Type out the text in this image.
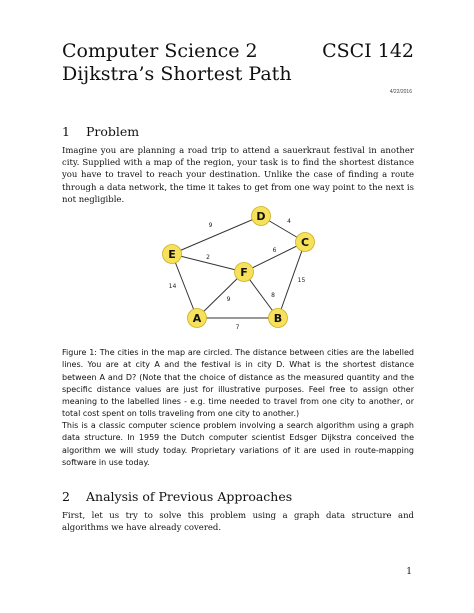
Computer Science 2	CSCI 142
Dijkstra’s Shortest Path
4/22/2016
1 Problem
Imagine you are planning a road trip to attend a sauerkraut festival in another city. Supplied with a map of the region, your task is to find the shortest distance you have to travel to reach your destination. Unlike the case of finding a route through a data network, the time it takes to get from one way point to the next is not negligible.
9
4
2
6
14
9
8
15
7
D
C
E
F
A	B
Figure 1: The cities in the map are circled. The distance between cities are the labelled lines. You are at city A and the festival is in city D. What is the shortest distance between A and D? (Note that the choice of distance as the measured quantity and the specific distance values are just for illustrative purposes. Feel free to assign other meaning to the labelled lines - e.g. time needed to travel from one city to another, or total cost spent on tolls traveling from one city to another.)
This is a classic computer science problem involving a search algorithm using a graph data structure. In 1959 the Dutch computer scientist Edsger Dijkstra conceived the algorithm we will study today. Proprietary variations of it are used in route-mapping software in use today.
2 Analysis of Previous Approaches
First, let us try to solve this problem using a graph data structure and algorithms we have already covered.
1
